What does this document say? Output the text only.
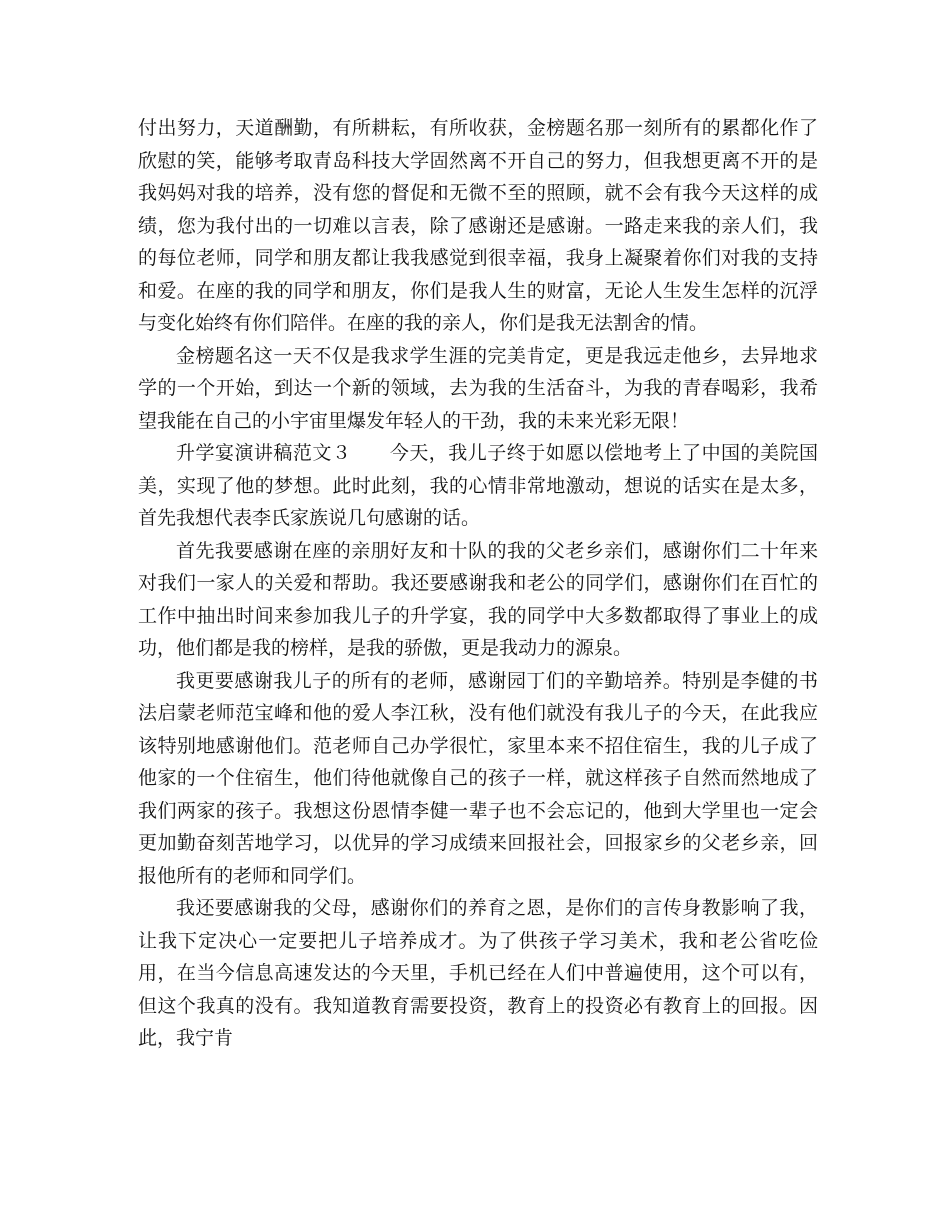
付出努力，天道酬勤，有所耕耘，有所收获，金榜题名那一刻所有的累都化作了欣慰的笑，能够考取青岛科技大学固然离不开自己的努力，但我想更离不开的是我妈妈对我的培养，没有您的督促和无微不至的照顾，就不会有我今天这样的成绩，您为我付出的一切难以言表，除了感谢还是感谢。一路走来我的亲人们，我的每位老师，同学和朋友都让我我感觉到很幸福，我身上凝聚着你们对我的支持和爱。在座的我的同学和朋友，你们是我人生的财富，无论人生发生怎样的沉浮与变化始终有你们陪伴。在座的我的亲人，你们是我无法割舍的情。

金榜题名这一天不仅是我求学生涯的完美肯定，更是我远走他乡，去异地求学的一个开始，到达一个新的领域，去为我的生活奋斗，为我的青春喝彩，我希望我能在自己的小宇宙里爆发年轻人的干劲，我的未来光彩无限！

升学宴演讲稿范文３ 今天，我儿子终于如愿以偿地考上了中国的美院国美，实现了他的梦想。此时此刻，我的心情非常地激动，想说的话实在是太多，首先我想代表李氏家族说几句感谢的话。

首先我要感谢在座的亲朋好友和十队的我的父老乡亲们，感谢你们二十年来对我们一家人的关爱和帮助。我还要感谢我和老公的同学们，感谢你们在百忙的工作中抽出时间来参加我儿子的升学宴，我的同学中大多数都取得了事业上的成功，他们都是我的榜样，是我的骄傲，更是我动力的源泉。

我更要感谢我儿子的所有的老师，感谢园丁们的辛勤培养。特别是李健的书法启蒙老师范宝峰和他的爱人李江秋，没有他们就没有我儿子的今天，在此我应该特别地感谢他们。范老师自己办学很忙，家里本来不招住宿生，我的儿子成了他家的一个住宿生，他们待他就像自己的孩子一样，就这样孩子自然而然地成了我们两家的孩子。我想这份恩情李健一辈子也不会忘记的，他到大学里也一定会更加勤奋刻苦地学习，以优异的学习成绩来回报社会，回报家乡的父老乡亲，回报他所有的老师和同学们。

我还要感谢我的父母，感谢你们的养育之恩，是你们的言传身教影响了我，让我下定决心一定要把儿子培养成才。为了供孩子学习美术，我和老公省吃俭用，在当今信息高速发达的今天里，手机已经在人们中普遍使用，这个可以有，但这个我真的没有。我知道教育需要投资，教育上的投资必有教育上的回报。因此，我宁肯
